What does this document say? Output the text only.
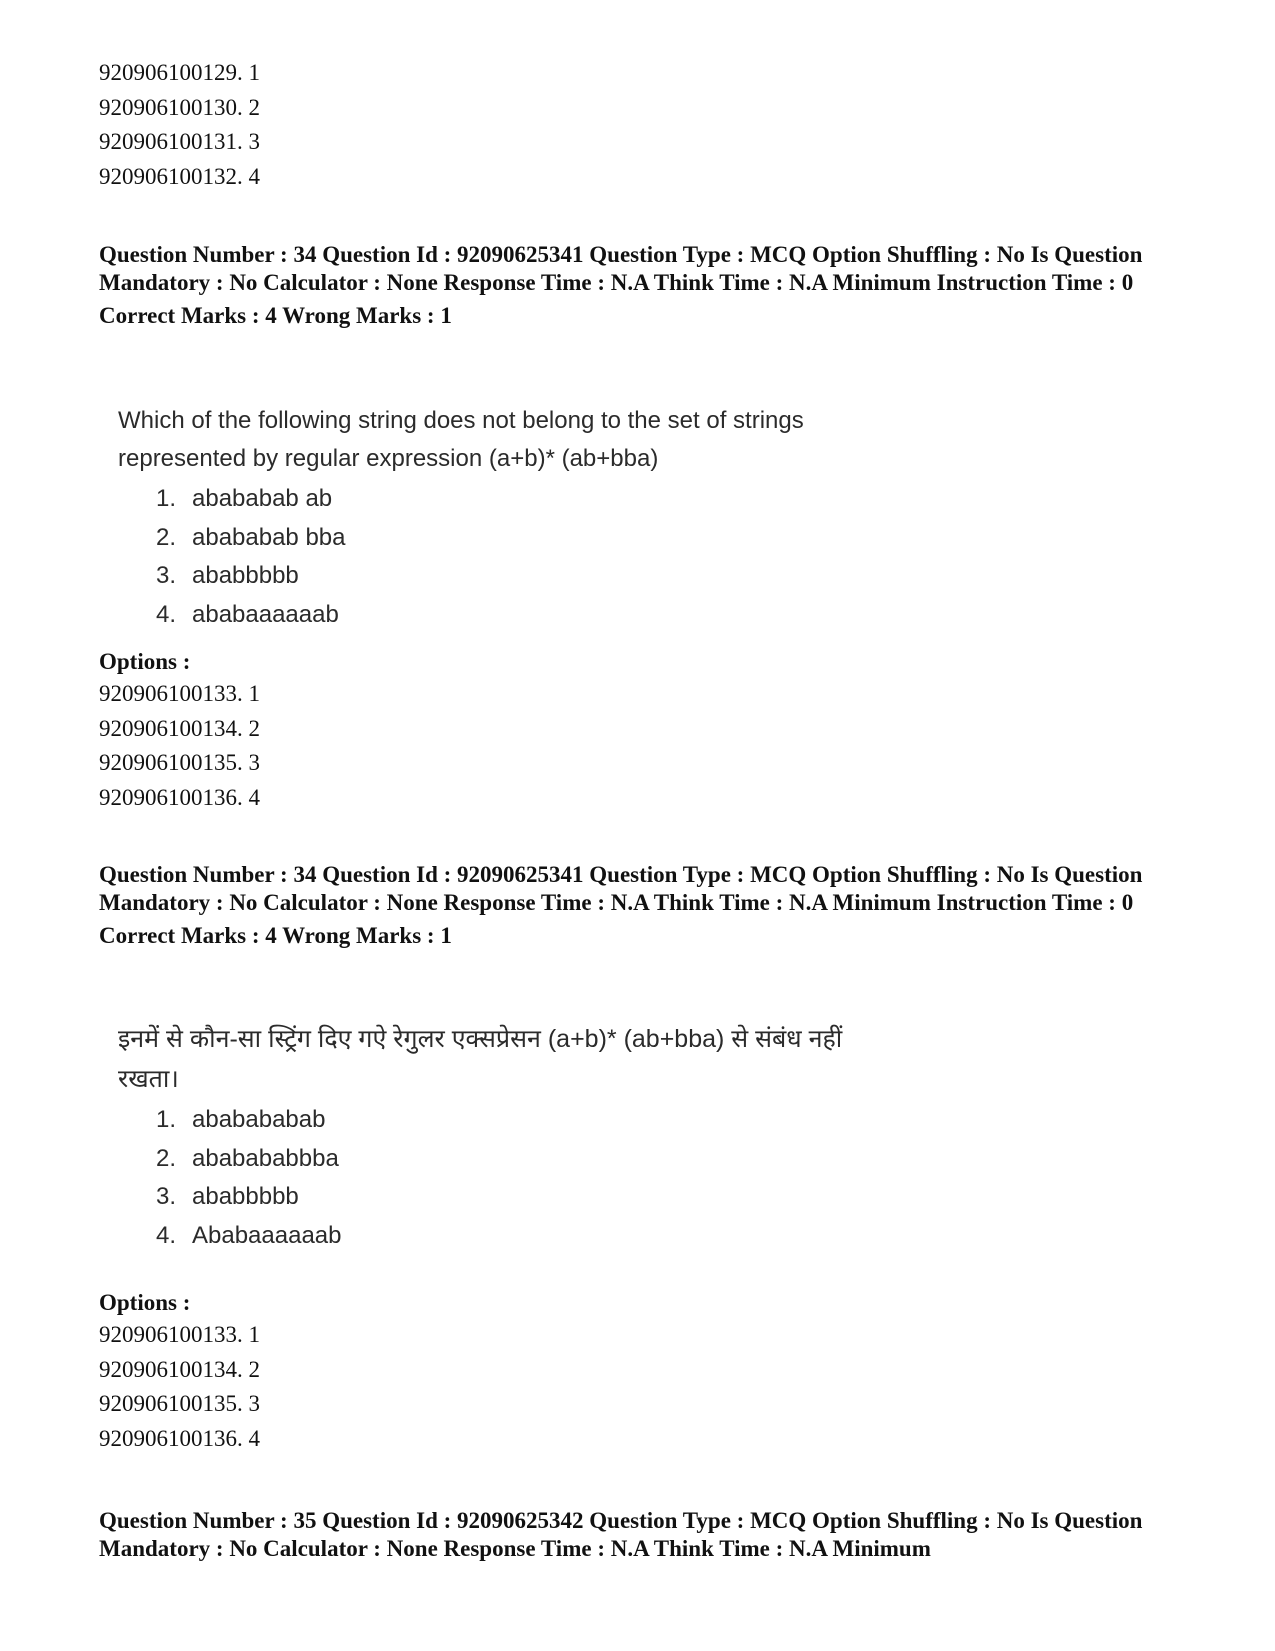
920906100129. 1
920906100130. 2
920906100131. 3
920906100132. 4
Question Number : 34 Question Id : 92090625341 Question Type : MCQ Option Shuffling : No Is Question Mandatory : No Calculator : None Response Time : N.A Think Time : N.A Minimum Instruction Time : 0
Correct Marks : 4 Wrong Marks : 1
Which of the following string does not belong to the set of strings represented by regular expression (a+b)* (ab+bba)
1. abababab ab
2. abababab bba
3. ababbbbb
4. ababaaaaaab
Options :
920906100133. 1
920906100134. 2
920906100135. 3
920906100136. 4
Question Number : 34 Question Id : 92090625341 Question Type : MCQ Option Shuffling : No Is Question Mandatory : No Calculator : None Response Time : N.A Think Time : N.A Minimum Instruction Time : 0
Correct Marks : 4 Wrong Marks : 1
इनमें से कौन-सा स्ट्रिंग दिए गऐ रेगुलर एक्सप्रेसन (a+b)* (ab+bba) से संबंध नहीं रखता।
1. ababababab
2. ababababbba
3. ababbbbb
4. Ababaaaaaab
Options :
920906100133. 1
920906100134. 2
920906100135. 3
920906100136. 4
Question Number : 35 Question Id : 92090625342 Question Type : MCQ Option Shuffling : No Is Question Mandatory : No Calculator : None Response Time : N.A Think Time : N.A Minimum
